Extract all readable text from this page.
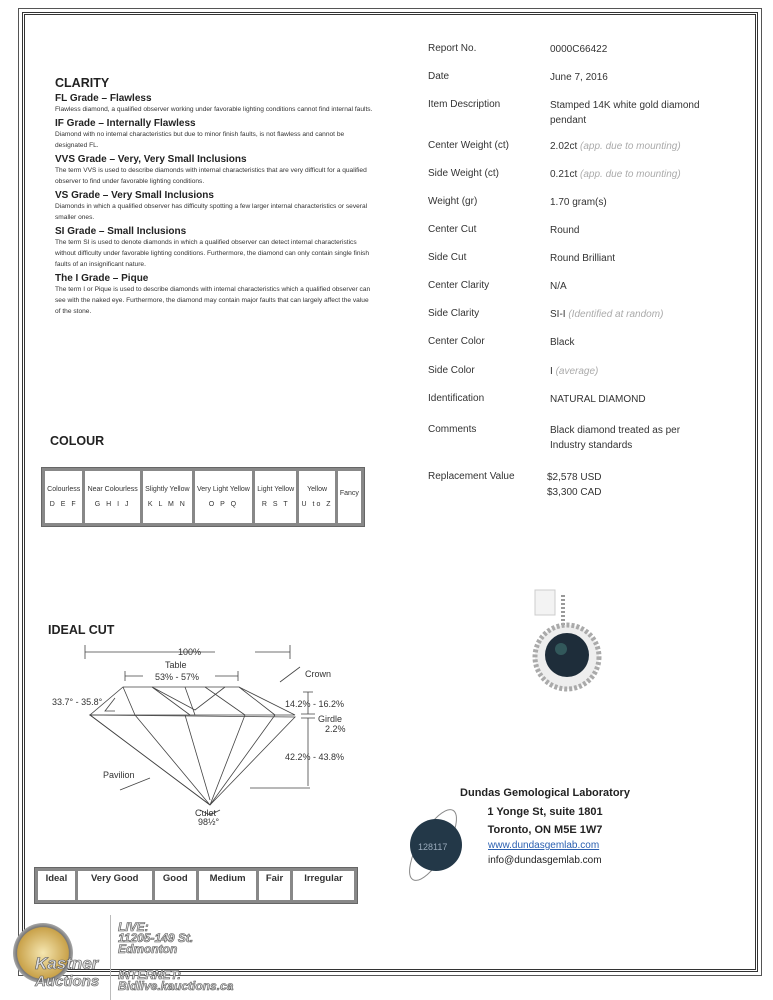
CLARITY
FL Grade – Flawless
Flawless diamond, a qualified observer working under favorable lighting conditions cannot find internal faults.
IF Grade – Internally Flawless
Diamond with no internal characteristics but due to minor finish faults, is not flawless and cannot be designated FL.
VVS Grade – Very, Very Small Inclusions
The term VVS is used to describe diamonds with internal characteristics that are very difficult for a qualified observer to find under favorable lighting conditions.
VS Grade – Very Small Inclusions
Diamonds in which a qualified observer has difficulty spotting a few larger internal characteristics or several smaller ones.
SI Grade – Small Inclusions
The term SI is used to denote diamonds in which a qualified observer can detect internal characteristics without difficulty under favorable lighting conditions. Furthermore, the diamond can only contain single finish faults of an insignificant nature.
The I Grade – Pique
The term I or Pique is used to describe diamonds with internal characteristics which a qualified observer can see with the naked eye. Furthermore, the diamond may contain major faults that can largely affect the value of the stone.
COLOUR
Colourless
D E F

Near Colourless
G H I J

Slightly Yellow
K L M N

Very Light Yellow
O P Q

Light Yellow
R S T

Yellow
U to Z

Fancy
IDEAL CUT
100%
Table
53% - 57%	Crown
33.7° - 35.8°	14.2% - 16.2%
Girdle
2.2%
42.2% - 43.8%
Pavilion
Culet
98½°
Ideal	Very Good	Good	Medium	Fair	Irregular
Report No.	0000C66422
Date	June 7, 2016
Item Description	Stamped 14K white gold diamond pendant
Center Weight (ct)	2.02ct (app. due to mounting)
Side Weight (ct)	0.21ct (app. due to mounting)
Weight (gr)	1.70 gram(s)
Center Cut	Round
Side Cut	Round Brilliant
Center Clarity	N/A
Side Clarity	SI-I (Identified at random)
Center Color	Black
Side Color	I (average)
Identification	NATURAL DIAMOND
Comments	Black diamond treated as per Industry standards
Replacement Value	$2,578 USD
$3,300 CAD
128117
Dundas Gemological Laboratory
1 Yonge St, suite 1801
Toronto, ON M5E 1W7
www.dundasgemlab.com
info@dundasgemlab.com
Kastner
Auctions
LIVE:
11205-149 St.
Edmonton
INTERNET:
Bidlive.kauctions.ca
